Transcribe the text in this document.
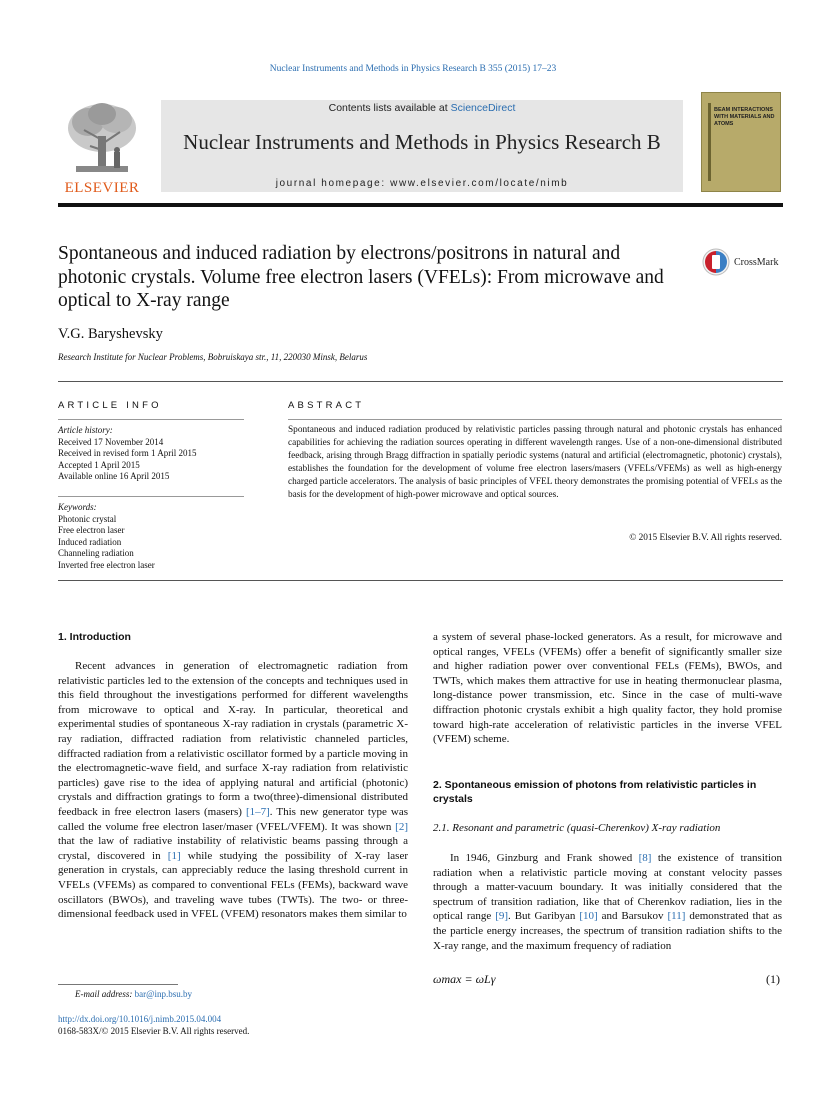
Nuclear Instruments and Methods in Physics Research B 355 (2015) 17–23
ELSEVIER
Contents lists available at ScienceDirect
Nuclear Instruments and Methods in Physics Research B
journal homepage: www.elsevier.com/locate/nimb
BEAM INTERACTIONS WITH MATERIALS AND ATOMS
Spontaneous and induced radiation by electrons/positrons in natural and photonic crystals. Volume free electron lasers (VFELs): From microwave and optical to X-ray range
CrossMark
V.G. Baryshevsky
Research Institute for Nuclear Problems, Bobruiskaya str., 11, 220030 Minsk, Belarus
ARTICLE INFO
Article history:
Received 17 November 2014
Received in revised form 1 April 2015
Accepted 1 April 2015
Available online 16 April 2015
Keywords:
Photonic crystal
Free electron laser
Induced radiation
Channeling radiation
Inverted free electron laser
ABSTRACT
Spontaneous and induced radiation produced by relativistic particles passing through natural and photonic crystals has enhanced capabilities for achieving the radiation sources operating in different wavelength ranges. Use of a non-one-dimensional distributed feedback, arising through Bragg diffraction in spatially periodic systems (natural and artificial (electromagnetic, photonic) crystals), establishes the foundation for the development of volume free electron lasers/masers (VFELs/VFEMs) as well as high-energy charged particle accelerators. The analysis of basic principles of VFEL theory demonstrates the promising potential of VFELs as the basis for the development of high-power microwave and optical sources.
© 2015 Elsevier B.V. All rights reserved.
1. Introduction

Recent advances in generation of electromagnetic radiation from relativistic particles led to the extension of the concepts and techniques used in this field throughout the investigations performed for different wavelengths from microwave to optical and X-ray. In particular, theoretical and experimental studies of spontaneous X-ray radiation in crystals (parametric X-ray radiation, diffracted radiation from relativistic channeled particles, diffracted radiation from a relativistic oscillator formed by a particle moving in the electromagnetic-wave field, and surface X-ray radiation from relativistic particles) gave rise to the idea of applying natural and artificial (photonic) crystals and diffraction gratings to form a two(three)-dimensional distributed feedback in free electron lasers (masers) [1–7]. This new generator type was called the volume free electron laser/maser (VFEL/VFEM). It was shown [2] that the law of radiative instability of relativistic beams passing through a crystal, discovered in [1] while studying the possibility of X-ray laser generation in crystals, can appreciably reduce the lasing threshold current in VFELs (VFEMs) as compared to conventional FELs (FEMs), backward wave oscillators (BWOs), and traveling wave tubes (TWTs). The two- or three-dimensional feedback used in VFEL (VFEM) resonators makes them similar to

a system of several phase-locked generators. As a result, for microwave and optical ranges, VFELs (VFEMs) offer a benefit of significantly smaller size and higher radiation power over conventional FELs (FEMs), BWOs, and TWTs, which makes them attractive for use in heating thermonuclear plasma, long-distance power transmission, etc. Since in the case of multi-wave diffraction photonic crystals exhibit a high quality factor, they hold promise toward high-rate acceleration of relativistic particles in the inverse VFEL (VFEM) scheme.

2. Spontaneous emission of photons from relativistic particles in crystals
2.1. Resonant and parametric (quasi-Cherenkov) X-ray radiation

In 1946, Ginzburg and Frank showed [8] the existence of transition radiation when a relativistic particle moving at constant velocity passes through a matter-vacuum boundary. It was initially considered that the spectrum of transition radiation, like that of Cherenkov radiation, lies in the optical range [9]. But Garibyan [10] and Barsukov [11] demonstrated that as the particle energy increases, the spectrum of transition radiation shifts to the X-ray range, and the maximum frequency of radiation

ωmax = ωLγ	(1)
E-mail address: bar@inp.bsu.by
http://dx.doi.org/10.1016/j.nimb.2015.04.004
0168-583X/© 2015 Elsevier B.V. All rights reserved.
